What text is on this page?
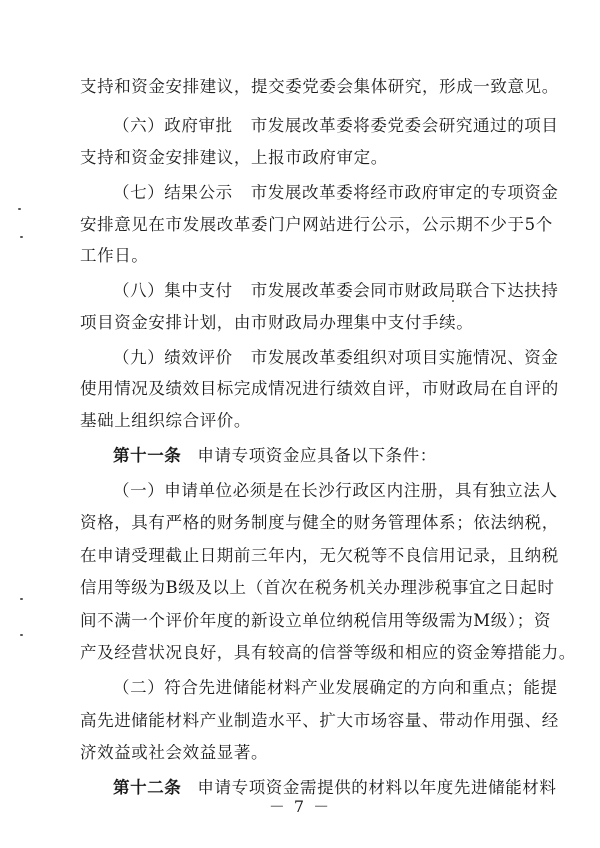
支持和资金安排建议，提交委党委会集体研究，形成一致意见。
（六）政府审批 市发展改革委将委党委会研究通过的项目
支持和资金安排建议，上报市政府审定。
（七）结果公示 市发展改革委将经市政府审定的专项资金
安排意见在市发展改革委门户网站进行公示，公示期不少于5个
工作日。
（八）集中支付 市发展改革委会同市财政局联合下达扶持
项目资金安排计划，由市财政局办理集中支付手续。
（九）绩效评价 市发展改革委组织对项目实施情况、资金
使用情况及绩效目标完成情况进行绩效自评，市财政局在自评的
基础上组织综合评价。
第十一条 申请专项资金应具备以下条件：
（一）申请单位必须是在长沙行政区内注册，具有独立法人
资格，具有严格的财务制度与健全的财务管理体系；依法纳税，
在申请受理截止日期前三年内，无欠税等不良信用记录，且纳税
信用等级为B级及以上（首次在税务机关办理涉税事宜之日起时
间不满一个评价年度的新设立单位纳税信用等级需为M级）；资
产及经营状况良好，具有较高的信誉等级和相应的资金筹措能力。
（二）符合先进储能材料产业发展确定的方向和重点；能提
高先进储能材料产业制造水平、扩大市场容量、带动作用强、经
济效益或社会效益显著。
第十二条 申请专项资金需提供的材料以年度先进储能材料
－ 7 －
